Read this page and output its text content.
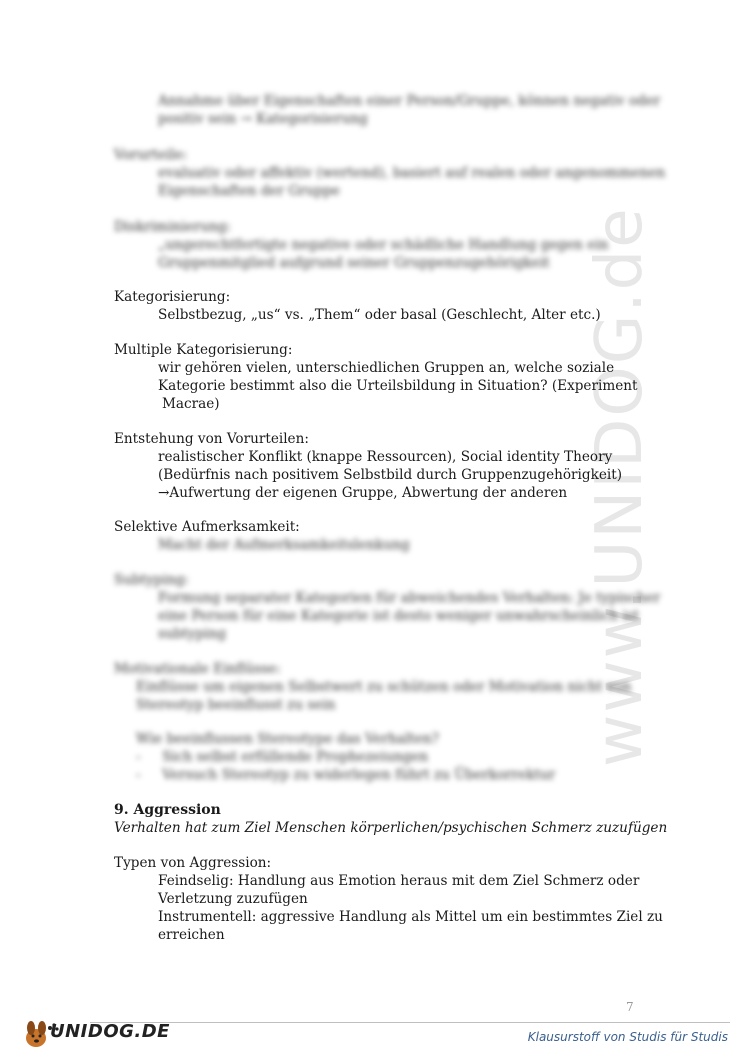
www.UNIDOG.de
Annahme über Eigenschaften einer Person/Gruppe, können negativ oder
positiv sein → Kategorisierung
Vorurteile:
evaluativ oder affektiv (wertend), basiert auf realen oder angenommenen
Eigenschaften der Gruppe
Diskriminierung:
„ungerechtfertigte negative oder schädliche Handlung gegen ein
Gruppenmitglied aufgrund seiner Gruppenzugehörigkeit
Kategorisierung:
Selbstbezug, „us“ vs. „Them“ oder basal (Geschlecht, Alter etc.)
Multiple Kategorisierung:
wir gehören vielen, unterschiedlichen Gruppen an, welche soziale
Kategorie bestimmt also die Urteilsbildung in Situation? (Experiment
Macrae)
Entstehung von Vorurteilen:
realistischer Konflikt (knappe Ressourcen), Social identity Theory
(Bedürfnis nach positivem Selbstbild durch Gruppenzugehörigkeit)
→Aufwertung der eigenen Gruppe, Abwertung der anderen
Selektive Aufmerksamkeit:
Macht der Aufmerksamkeitslenkung
Subtyping:
Formung separater Kategorien für abweichendes Verhalten: Je typischer
eine Person für eine Kategorie ist desto weniger unwahrscheinlich ist
subtyping
Motivationale Einflüsse:
Einflüsse um eigenen Selbstwert zu schützen oder Motivation nicht von
Stereotyp beeinflusst zu sein
Wie beeinflussen Stereotype das Verhalten?
-     Sich selbst erfüllende Prophezeiungen
-     Versuch Stereotyp zu widerlegen führt zu Überkorrektur
9. Aggression
Verhalten hat zum Ziel Menschen körperlichen/psychischen Schmerz zuzufügen
Typen von Aggression:
Feindselig: Handlung aus Emotion heraus mit dem Ziel Schmerz oder
Verletzung zuzufügen
Instrumentell: aggressive Handlung als Mittel um ein bestimmtes Ziel zu
erreichen
7
UNIDOG.DE	Klausurstoff von Studis für Studis
